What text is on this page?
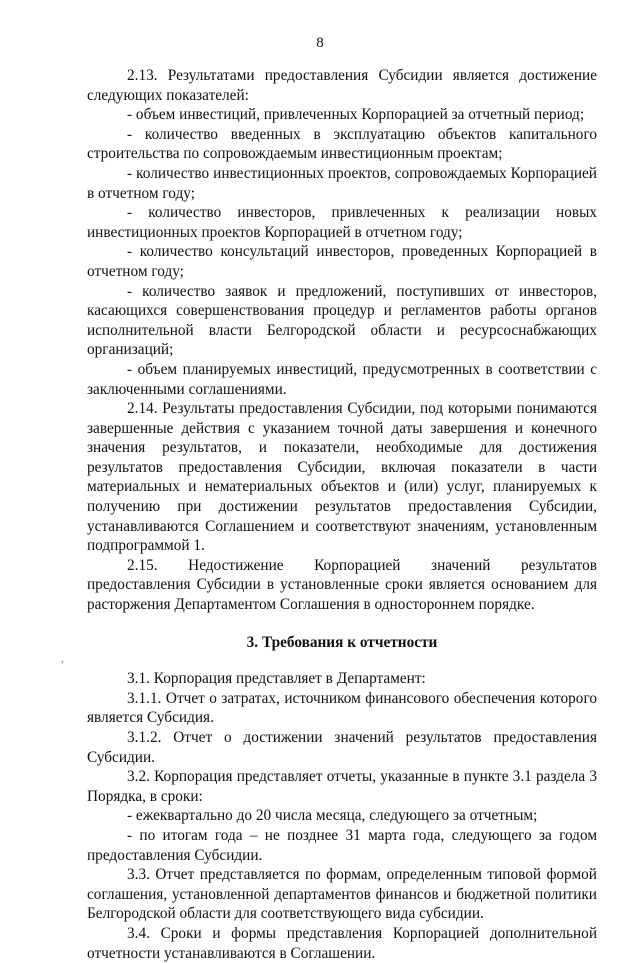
8

2.13. Результатами предоставления Субсидии является достижение следующих показателей:

- объем инвестиций, привлеченных Корпорацией за отчетный период;

- количество введенных в эксплуатацию объектов капитального строительства по сопровождаемым инвестиционным проектам;

- количество инвестиционных проектов, сопровождаемых Корпорацией в отчетном году;

- количество инвесторов, привлеченных к реализации новых инвестиционных проектов Корпорацией в отчетном году;

- количество консультаций инвесторов, проведенных Корпорацией в отчетном году;

- количество заявок и предложений, поступивших от инвесторов, касающихся совершенствования процедур и регламентов работы органов исполнительной власти Белгородской области и ресурсоснабжающих организаций;

- объем планируемых инвестиций, предусмотренных в соответствии с заключенными соглашениями.

2.14. Результаты предоставления Субсидии, под которыми понимаются завершенные действия с указанием точной даты завершения и конечного значения результатов, и показатели, необходимые для достижения результатов предоставления Субсидии, включая показатели в части материальных и нематериальных объектов и (или) услуг, планируемых к получению при достижении результатов предоставления Субсидии, устанавливаются Соглашением и соответствуют значениям, установленным подпрограммой 1.

2.15. Недостижение Корпорацией значений результатов предоставления Субсидии в установленные сроки является основанием для расторжения Департаментом Соглашения в одностороннем порядке.

3. Требования к отчетности

3.1. Корпорация представляет в Департамент:

3.1.1. Отчет о затратах, источником финансового обеспечения которого является Субсидия.

3.1.2. Отчет о достижении значений результатов предоставления Субсидии.

3.2. Корпорация представляет отчеты, указанные в пункте 3.1 раздела 3 Порядка, в сроки:

- ежеквартально до 20 числа месяца, следующего за отчетным;

- по итогам года – не позднее 31 марта года, следующего за годом предоставления Субсидии.

3.3. Отчет представляется по формам, определенным типовой формой соглашения, установленной департаментов финансов и бюджетной политики Белгородской области для соответствующего вида субсидии.

3.4. Сроки и формы представления Корпорацией дополнительной отчетности устанавливаются в Соглашении.

,
